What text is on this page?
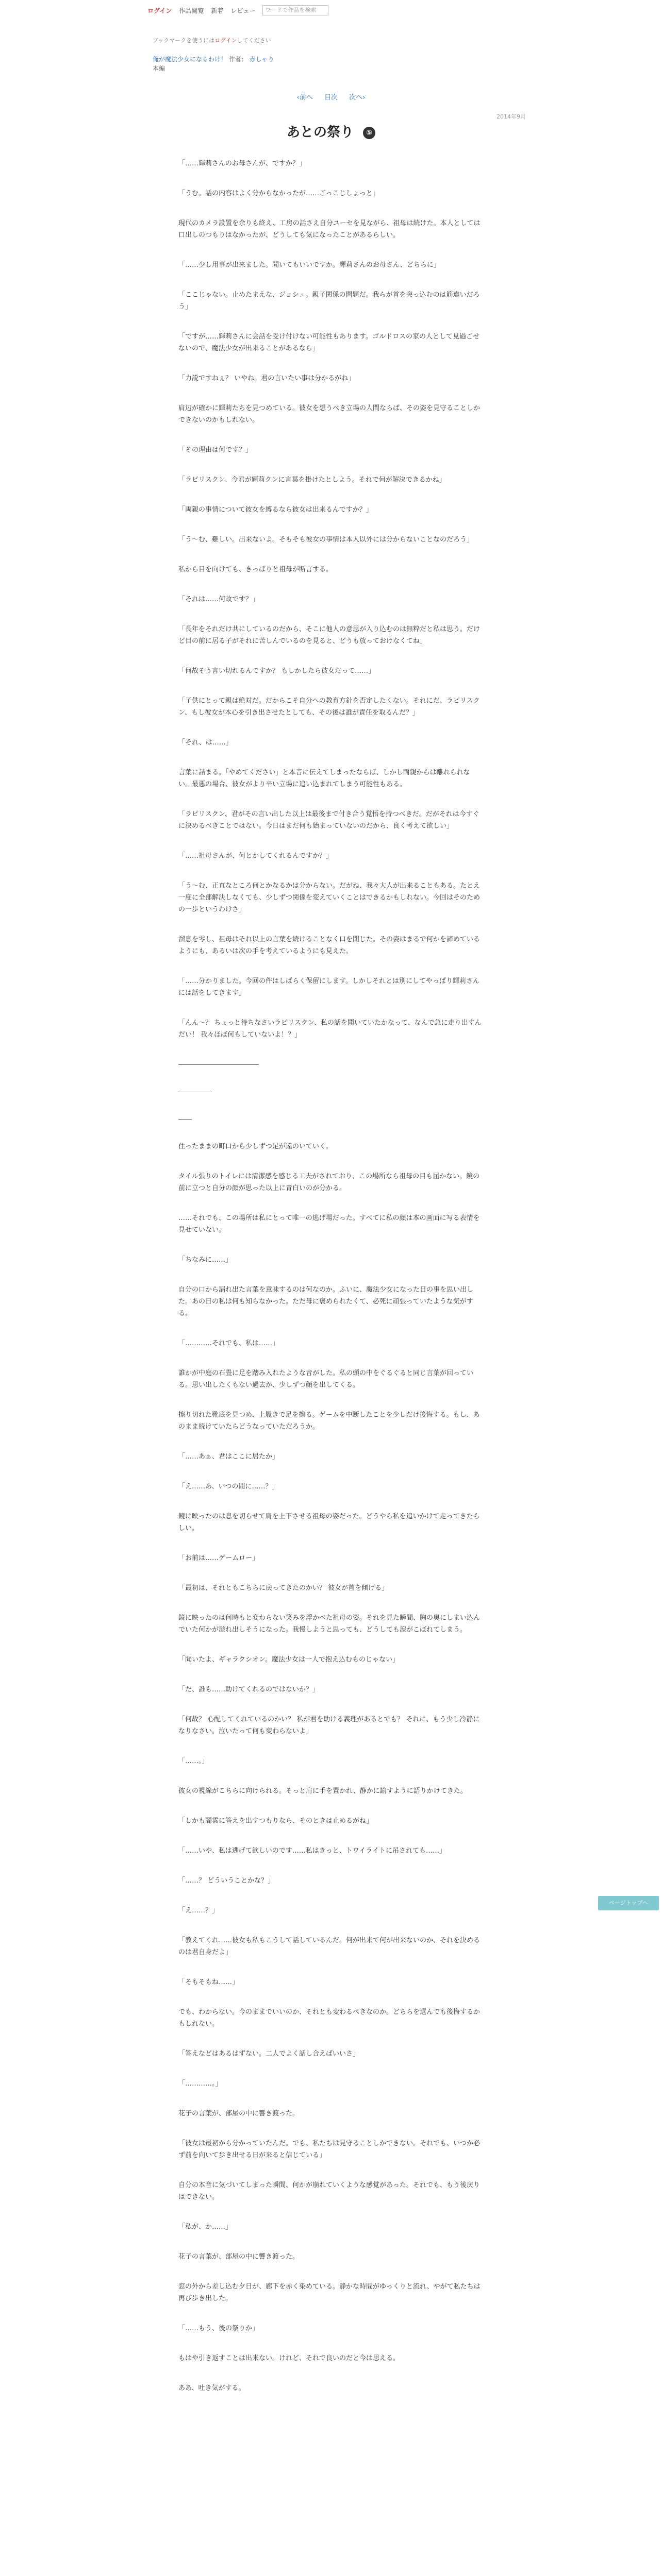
ログイン 作品閲覧 新着 レビュー	ワードで作品を検索
ブックマークを使うにはログインしてください
俺が魔法少女になるわけ！ 作者： 赤しゃり
本編
‹前へ 目次 次へ›
2014年9月
あとの祭り ⑤

「……輝莉さんのお母さんが、ですか？」

「うむ。話の内容はよく分からなかったが……ごっこじしょっと」

現代のカメラ設置を余りも終え、工房の話さえ自分ユーセを見ながら、祖母は続けた。本人としては口出しのつもりはなかったが、どうしても気になったことがあるらしい。

「……少し用事が出来ました。聞いてもいいですか。輝莉さんのお母さん、どちらに」

「ここじゃない。止めたまえな、ジョシュ。親子関係の問題だ。我らが首を突っ込むのは筋違いだろう」

「ですが……輝莉さんに会話を受け付けない可能性もあります。ゴルドロスの家の人として見過ごせないので、魔法少女が出来ることがあるなら」

「力説ですねぇ？ いやね。君の言いたい事は分かるがね」

肩辺が確かに輝莉たちを見つめている。彼女を想うべき立場の人間ならば、その姿を見守ることしかできないのかもしれない。

「その理由は何です？」

「ラピリスクン、今君が輝莉クンに言葉を掛けたとしよう。それで何が解決できるかね」

「両親の事情について彼女を縛るなら彼女は出来るんですか？」

「う～む、難しい。出来ないよ。そもそも彼女の事情は本人以外には分からないことなのだろう」

私から目を向けても、きっぱりと祖母が断言する。

「それは……何故です？」

「長年をそれだけ共にしているのだから、そこに他人の意思が入り込むのは無粋だと私は思う。だけど目の前に居る子がそれに苦しんでいるのを見ると、どうも放っておけなくてね」

「何故そう言い切れるんですか？ もしかしたら彼女だって……」

「子供にとって親は絶対だ。だからこそ自分への教育方針を否定したくない。それにだ、ラピリスクン、もし彼女が本心を引き出させたとしても、その後は誰が責任を取るんだ？」

「それ、は……」

言葉に詰まる。「やめてください」と本音に伝えてしまったならば、しかし両親からは離れられない。最悪の場合、彼女がより辛い立場に追い込まれてしまう可能性もある。

「ラピリスクン、君がその言い出した以上は最後まで付き合う覚悟を持つべきだ。だがそれは今すぐに決めるべきことではない。今日はまだ何も始まっていないのだから、良く考えて欲しい」

「……祖母さんが、何とかしてくれるんですか？」

「う～む、正直なところ何とかなるかは分からない。だがね、我々大人が出来ることもある。たとえ一度に全部解決しなくても、少しずつ関係を変えていくことはできるかもしれない。今回はそのための一歩というわけさ」

溜息を零し、祖母はそれ以上の言葉を続けることなく口を閉じた。その姿はまるで何かを諦めているようにも、あるいは次の手を考えているようにも見えた。

「……分かりました。今回の件はしばらく保留にします。しかしそれとは別にしてやっぱり輝莉さんには話をしてきます」

「んん～？ ちょっと待ちなさいラピリスクン、私の話を聞いていたかなって、なんで急に走り出すんだい！ 我々ほぼ何もしていないよ！？」

――――――――――――
―――――
――

住ったままの町口から少しずつ足が遠のいていく。

タイル張りのトイレには清潔感を感じる工夫がされており、この場所なら祖母の目も届かない。鏡の前に立つと自分の顔が思った以上に青白いのが分かる。

……それでも、この場所は私にとって唯一の逃げ場だった。すべてに私の顔は本の画面に写る表情を見せていない。

「ちなみに……」

自分の口から漏れ出た言葉を意味するのは何なのか。ふいに、魔法少女になった日の事を思い出した。あの日の私は何も知らなかった。ただ母に褒められたくて、必死に頑張っていたような気がする。

「…………それでも、私は……」

誰かが中庭の石畳に足を踏み入れたような音がした。私の頭の中をぐるぐると同じ言葉が回っている。思い出したくもない過去が、少しずつ顔を出してくる。

擦り切れた靴底を見つめ、上履きで足を擦る。ゲームを中断したことを少しだけ後悔する。もし、あのまま続けていたらどうなっていただろうか。

「……あぁ、君はここに居たか」

「え……あ、いつの間に……？」

鏡に映ったのは息を切らせて肩を上下させる祖母の姿だった。どうやら私を追いかけて走ってきたらしい。

「お前は……ゲームロー」

「最初は、それともこちらに戻ってきたのかい？ 彼女が首を傾げる」

鏡に映ったのは何時もと変わらない笑みを浮かべた祖母の姿。それを見た瞬間、胸の奥にしまい込んでいた何かが溢れ出しそうになった。我慢しようと思っても、どうしても涙がこぼれてしまう。

「聞いたよ、ギャラクシオン。魔法少女は一人で抱え込むものじゃない」

「だ、誰も……助けてくれるのではないか？」

「何故？ 心配してくれているのかい？ 私が君を助ける義理があるとでも？ それに、もう少し冷静になりなさい。泣いたって何も変わらないよ」

「……。」

彼女の視線がこちらに向けられる。そっと肩に手を置かれ、静かに諭すように語りかけてきた。

「しかも闇雲に答えを出すつもりなら、そのときは止めるがね」

「……いや、私は逃げて欲しいのです……私はきっと、トワイライトに吊されても……」

「……？ どういうことかな？」

「え……？」

「教えてくれ……彼女も私もこうして話しているんだ。何が出来て何が出来ないのか、それを決めるのは君自身だよ」

「そもそもね……」

でも、わからない。今のままでいいのか、それとも変わるべきなのか。どちらを選んでも後悔するかもしれない。

「答えなどはあるはずない。二人でよく話し合えばいいさ」

「…………。」

花子の言葉が、部屋の中に響き渡った。

「彼女は最初から分かっていたんだ。でも、私たちは見守ることしかできない。それでも、いつか必ず前を向いて歩き出せる日が来ると信じている」

自分の本音に気づいてしまった瞬間、何かが崩れていくような感覚があった。それでも、もう後戻りはできない。

「私が、か……」

花子の言葉が、部屋の中に響き渡った。

窓の外から差し込む夕日が、廊下を赤く染めている。静かな時間がゆっくりと流れ、やがて私たちは再び歩き出した。

「……もう、後の祭りか」

もはや引き返すことは出来ない。けれど、それで良いのだと今は思える。

ああ、吐き気がする。

ページトップへ
